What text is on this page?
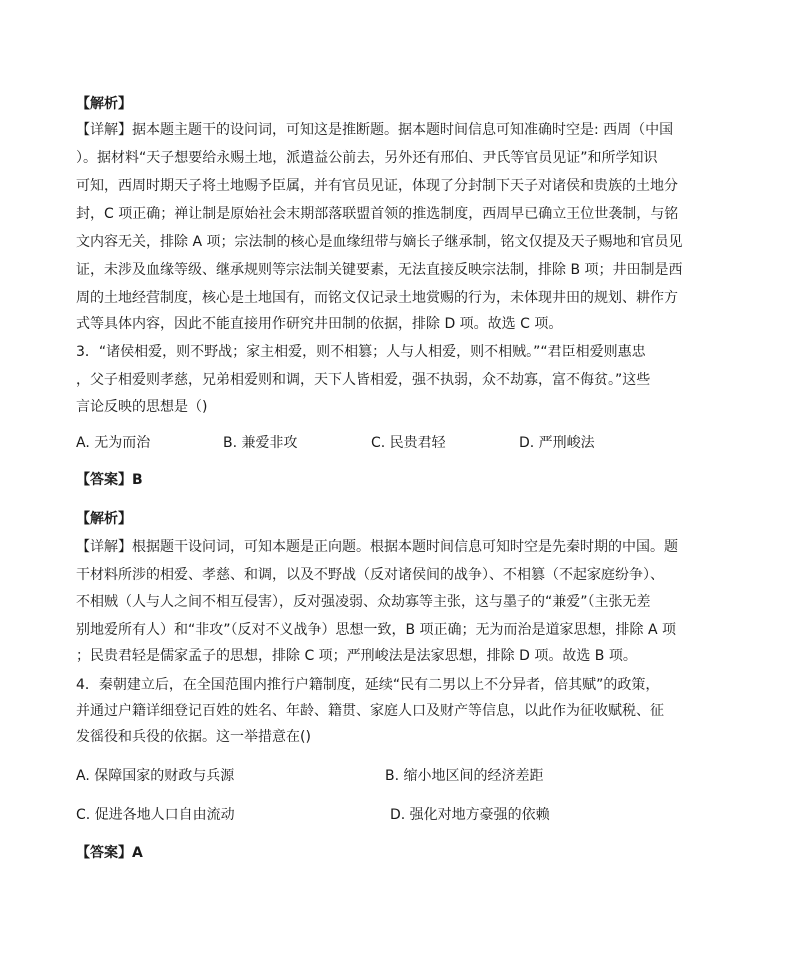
【解析】
【详解】据本题主题干的设问词，可知这是推断题。据本题时间信息可知准确时空是: 西周（中国
）。据材料“天子想要给永赐土地，派遣益公前去，另外还有邢伯、尹氏等官员见证”和所学知识
可知，西周时期天子将土地赐予臣属，并有官员见证，体现了分封制下天子对诸侯和贵族的土地分
封，C 项正确；禅让制是原始社会末期部落联盟首领的推选制度，西周早已确立王位世袭制，与铭
文内容无关，排除 A 项；宗法制的核心是血缘纽带与嫡长子继承制，铭文仅提及天子赐地和官员见
证，未涉及血缘等级、继承规则等宗法制关键要素，无法直接反映宗法制，排除 B 项；井田制是西
周的土地经营制度，核心是土地国有，而铭文仅记录土地赏赐的行为，未体现井田的规划、耕作方
式等具体内容，因此不能直接用作研究井田制的依据，排除 D 项。故选 C 项。
3．“诸侯相爱，则不野战；家主相爱，则不相篡；人与人相爱，则不相贼。”“君臣相爱则惠忠
，父子相爱则孝慈，兄弟相爱则和调，天下人皆相爱，强不执弱，众不劫寡，富不侮贫。”这些
言论反映的思想是（)
A. 无为而治	B. 兼爱非攻	C. 民贵君轻	D. 严刑峻法
【答案】B
【解析】
【详解】根据题干设问词，可知本题是正向题。根据本题时间信息可知时空是先秦时期的中国。题
干材料所涉的相爱、孝慈、和调，以及不野战（反对诸侯间的战争）、不相篡（不起家庭纷争）、
不相贼（人与人之间不相互侵害），反对强凌弱、众劫寡等主张，这与墨子的“兼爱”（主张无差
别地爱所有人）和“非攻”（反对不义战争）思想一致，B 项正确；无为而治是道家思想，排除 A 项
；民贵君轻是儒家孟子的思想，排除 C 项；严刑峻法是法家思想，排除 D 项。故选 B 项。
4．秦朝建立后，在全国范围内推行户籍制度，延续“民有二男以上不分异者，倍其赋”的政策，
并通过户籍详细登记百姓的姓名、年龄、籍贯、家庭人口及财产等信息，以此作为征收赋税、征
发徭役和兵役的依据。这一举措意在()
A. 保障国家的财政与兵源	B. 缩小地区间的经济差距
C. 促进各地人口自由流动	D. 强化对地方豪强的依赖
【答案】A
